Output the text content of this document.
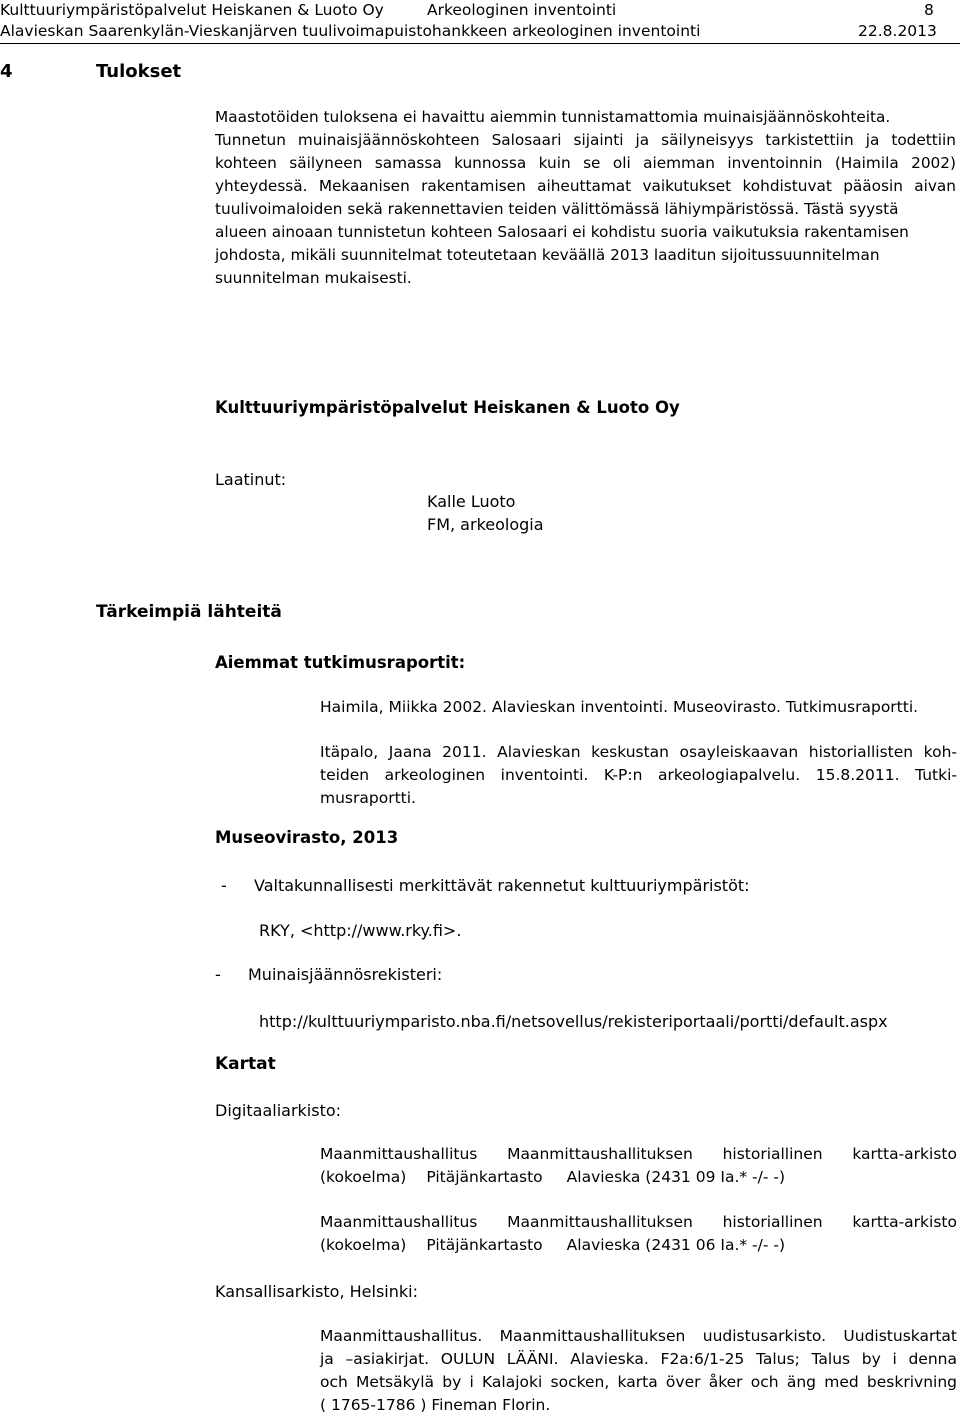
Kulttuuriympäristöpalvelut Heiskanen & Luoto Oy	Arkeologinen inventointi	8
Alavieskan Saarenkylän-Vieskanjärven tuulivoimapuistohankkeen arkeologinen inventointi	22.8.2013
4	Tulokset
Maastotöiden tuloksena ei havaittu aiemmin tunnistamattomia muinaisjäännöskohteita.
Tunnetun muinaisjäännöskohteen Salosaari sijainti ja säilyneisyys tarkistettiin ja todettiin
kohteen säilyneen samassa kunnossa kuin se oli aiemman inventoinnin (Haimila 2002)
yhteydessä. Mekaanisen rakentamisen aiheuttamat vaikutukset kohdistuvat pääosin aivan
tuulivoimaloiden sekä rakennettavien teiden välittömässä lähiympäristössä. Tästä syystä
alueen ainoaan tunnistetun kohteen Salosaari ei kohdistu suoria vaikutuksia rakentamisen
johdosta, mikäli suunnitelmat toteutetaan keväällä 2013 laaditun sijoitussuunnitelman
suunnitelman mukaisesti.
Kulttuuriympäristöpalvelut Heiskanen & Luoto Oy
Laatinut:
Kalle Luoto
FM, arkeologia
Tärkeimpiä lähteitä
Aiemmat tutkimusraportit:
Haimila, Miikka 2002. Alavieskan inventointi. Museovirasto. Tutkimusraportti.
Itäpalo, Jaana 2011. Alavieskan keskustan osayleiskaavan historiallisten koh-
teiden arkeologinen inventointi. K-P:n arkeologiapalvelu. 15.8.2011. Tutki-
musraportti.
Museovirasto, 2013
- Valtakunnallisesti merkittävät rakennetut kulttuuriympäristöt:
RKY, <http://www.rky.fi>.
- Muinaisjäännösrekisteri:
http://kulttuuriymparisto.nba.fi/netsovellus/rekisteriportaali/portti/default.aspx
Kartat
Digitaaliarkisto:
Maanmittaushallitus Maanmittaushallituksen historiallinen kartta-arkisto
(kokoelma) Pitäjänkartasto Alavieska (2431 09 Ia.* -/- -)
Maanmittaushallitus Maanmittaushallituksen historiallinen kartta-arkisto
(kokoelma) Pitäjänkartasto Alavieska (2431 06 Ia.* -/- -)
Kansallisarkisto, Helsinki:
Maanmittaushallitus. Maanmittaushallituksen uudistusarkisto. Uudistuskartat
ja –asiakirjat. OULUN LÄÄNI. Alavieska. F2a:6/1-25 Talus; Talus by i denna
och Metsäkylä by i Kalajoki socken, karta över åker och äng med beskrivning
( 1765-1786 ) Fineman Florin.
